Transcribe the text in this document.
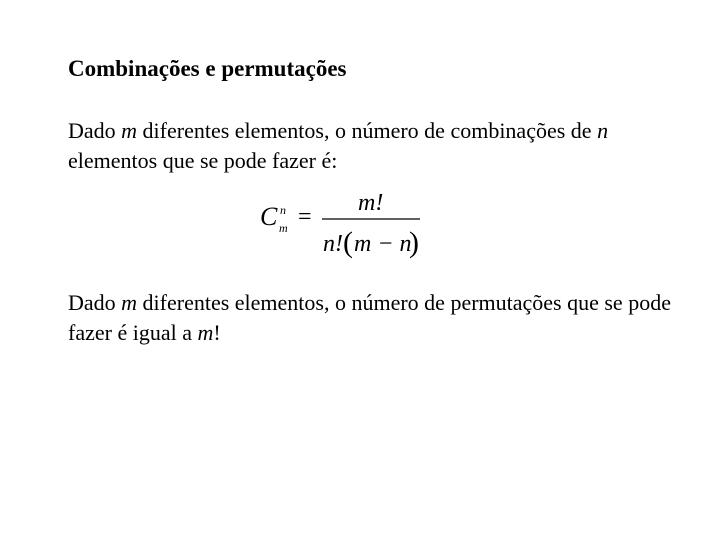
Combinações e permutações
Dado m diferentes elementos, o número de combinações de n elementos que se pode fazer é:
C n
m =
m!
n! ( m − n
)
Dado m diferentes elementos, o número de permutações que se pode fazer é igual a m!
